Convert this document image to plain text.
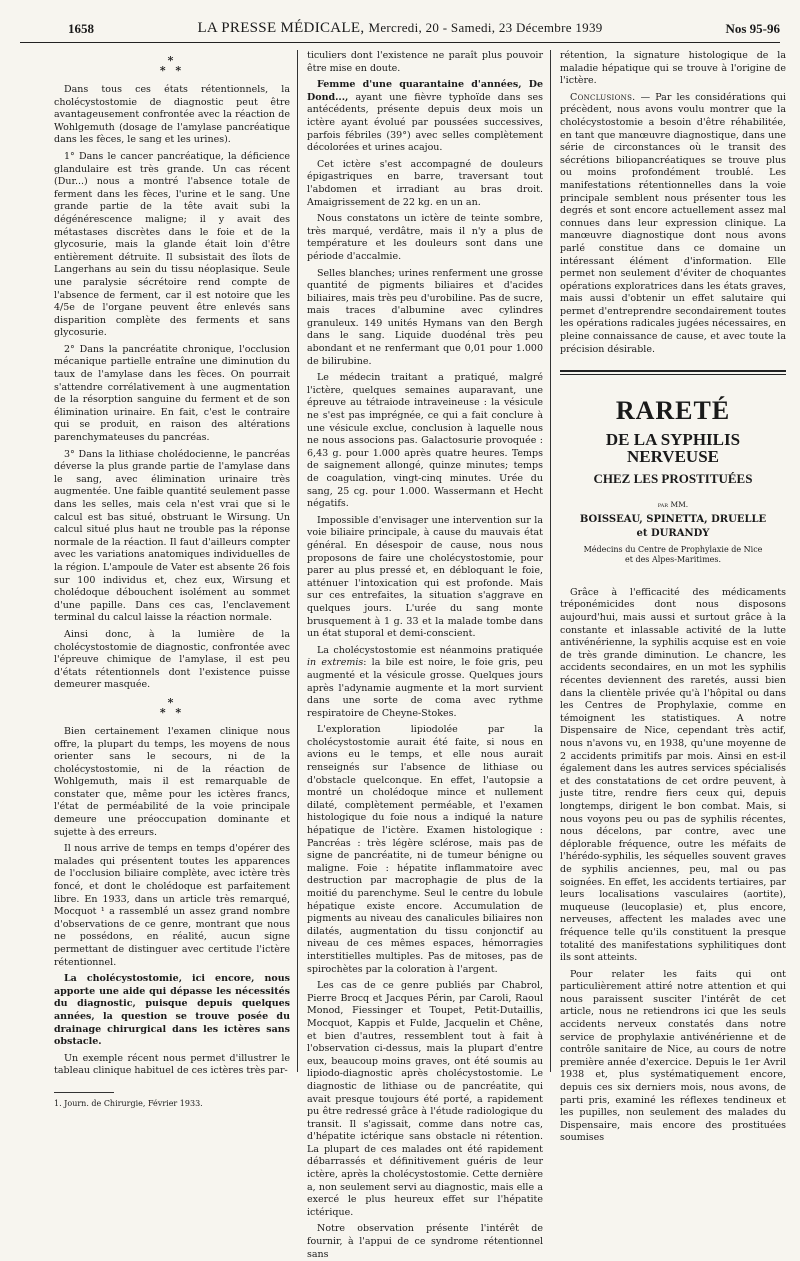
1658	LA PRESSE MÉDICALE, Mercredi, 20 - Samedi, 23 Décembre 1939	Nos 95-96
*
* *

Dans tous ces états rétentionnels, la cholécystostomie de diagnostic peut être avantageusement confrontée avec la réaction de Wohlgemuth (dosage de l'amylase pancréatique dans les fèces, le sang et les urines).

1° Dans le cancer pancréatique, la déficience glandulaire est très grande. Un cas récent (Dur...) nous a montré l'absence totale de ferment dans les fèces, l'urine et le sang. Une grande partie de la tête avait subi la dégénérescence maligne; il y avait des métastases discrètes dans le foie et de la glycosurie, mais la glande était loin d'être entièrement détruite. Il subsistait des îlots de Langerhans au sein du tissu néoplasique. Seule une paralysie sécrétoire rend compte de l'absence de ferment, car il est notoire que les 4/5e de l'organe peuvent être enlevés sans disparition complète des ferments et sans glycosurie.

2° Dans la pancréatite chronique, l'occlusion mécanique partielle entraîne une diminution du taux de l'amylase dans les fèces. On pourrait s'attendre corrélativement à une augmentation de la résorption sanguine du ferment et de son élimination urinaire. En fait, c'est le contraire qui se produit, en raison des altérations parenchymateuses du pancréas.

3° Dans la lithiase cholédocienne, le pancréas déverse la plus grande partie de l'amylase dans le sang, avec élimination urinaire très augmentée. Une faible quantité seulement passe dans les selles, mais cela n'est vrai que si le calcul est bas situé, obstruant le Wirsung. Un calcul situé plus haut ne trouble pas la réponse normale de la réaction. Il faut d'ailleurs compter avec les variations anatomiques individuelles de la région. L'ampoule de Vater est absente 26 fois sur 100 individus et, chez eux, Wirsung et cholédoque débouchent isolément au sommet d'une papille. Dans ces cas, l'enclavement terminal du calcul laisse la réaction normale.

Ainsi donc, à la lumière de la cholécystostomie de diagnostic, confrontée avec l'épreuve chimique de l'amylase, il est peu d'états rétentionnels dont l'existence puisse demeurer masquée.

*
* *

Bien certainement l'examen clinique nous offre, la plupart du temps, les moyens de nous orienter sans le secours, ni de la cholécystostomie, ni de la réaction de Wohlgemuth, mais il est remarquable de constater que, même pour les ictères francs, l'état de perméabilité de la voie principale demeure une préoccupation dominante et sujette à des erreurs.

Il nous arrive de temps en temps d'opérer des malades qui présentent toutes les apparences de l'occlusion biliaire complète, avec ictère très foncé, et dont le cholédoque est parfaitement libre. En 1933, dans un article très remarqué, Mocquot ¹ a rassemblé un assez grand nombre d'observations de ce genre, montrant que nous ne possédons, en réalité, aucun signe permettant de distinguer avec certitude l'ictère rétentionnel.

La cholécystostomie, ici encore, nous apporte une aide qui dépasse les nécessités du diagnostic, puisque depuis quelques années, la question se trouve posée du drainage chirurgical dans les ictères sans obstacle.

Un exemple récent nous permet d'illustrer le tableau clinique habituel de ces ictères très par-

1. Journ. de Chirurgie, Février 1933.

ticuliers dont l'existence ne paraît plus pouvoir être mise en doute.

Femme d'une quarantaine d'années, De Dond..., ayant une fièvre typhoïde dans ses antécédents, présente depuis deux mois un ictère ayant évolué par poussées successives, parfois fébriles (39°) avec selles complètement décolorées et urines acajou.

Cet ictère s'est accompagné de douleurs épigastriques en barre, traversant tout l'abdomen et irradiant au bras droit. Amaigrissement de 22 kg. en un an.

Nous constatons un ictère de teinte sombre, très marqué, verdâtre, mais il n'y a plus de température et les douleurs sont dans une période d'accalmie.

Selles blanches; urines renferment une grosse quantité de pigments biliaires et d'acides biliaires, mais très peu d'urobiline. Pas de sucre, mais traces d'albumine avec cylindres granuleux. 149 unités Hymans van den Bergh dans le sang. Liquide duodénal très peu abondant et ne renfermant que 0,01 pour 1.000 de bilirubine.

Le médecin traitant a pratiqué, malgré l'ictère, quelques semaines auparavant, une épreuve au tétraiode intraveineuse : la vésicule ne s'est pas imprégnée, ce qui a fait conclure à une vésicule exclue, conclusion à laquelle nous ne nous associons pas. Galactosurie provoquée : 6,43 g. pour 1.000 après quatre heures. Temps de saignement allongé, quinze minutes; temps de coagulation, vingt-cinq minutes. Urée du sang, 25 cg. pour 1.000. Wassermann et Hecht négatifs.

Impossible d'envisager une intervention sur la voie biliaire principale, à cause du mauvais état général. En désespoir de cause, nous nous proposons de faire une cholécystostomie, pour parer au plus pressé et, en débloquant le foie, atténuer l'intoxication qui est profonde. Mais sur ces entrefaites, la situation s'aggrave en quelques jours. L'urée du sang monte brusquement à 1 g. 33 et la malade tombe dans un état stuporal et demi-conscient.

La cholécystostomie est néanmoins pratiquée in extremis: la bile est noire, le foie gris, peu augmenté et la vésicule grosse. Quelques jours après l'adynamie augmente et la mort survient dans une sorte de coma avec rythme respiratoire de Cheyne-Stokes.

L'exploration lipiodolée par la cholécystostomie aurait été faite, si nous en avions eu le temps, et elle nous aurait renseignés sur l'absence de lithiase ou d'obstacle quelconque. En effet, l'autopsie a montré un cholédoque mince et nullement dilaté, complètement perméable, et l'examen histologique du foie nous a indiqué la nature hépatique de l'ictère. Examen histologique : Pancréas : très légère sclérose, mais pas de signe de pancréatite, ni de tumeur bénigne ou maligne. Foie : hépatite inflammatoire avec destruction par macrophagie de plus de la moitié du parenchyme. Seul le centre du lobule hépatique existe encore. Accumulation de pigments au niveau des canalicules biliaires non dilatés, augmentation du tissu conjonctif au niveau de ces mêmes espaces, hémorragies interstitielles multiples. Pas de mitoses, pas de spirochètes par la coloration à l'argent.

Les cas de ce genre publiés par Chabrol, Pierre Brocq et Jacques Périn, par Caroli, Raoul Monod, Fiessinger et Toupet, Petit-Dutaillis, Mocquot, Kappis et Fulde, Jacquelin et Chêne, et bien d'autres, ressemblent tout à fait à l'observation ci-dessus, mais la plupart d'entre eux, beaucoup moins graves, ont été soumis au lipiodo-diagnostic après cholécystostomie. Le diagnostic de lithiase ou de pancréatite, qui avait presque toujours été porté, a rapidement pu être redressé grâce à l'étude radiologique du transit. Il s'agissait, comme dans notre cas, d'hépatite ictérique sans obstacle ni rétention. La plupart de ces malades ont été rapidement débarrassés et définitivement guéris de leur ictère, après la cholécystostomie. Cette dernière a, non seulement servi au diagnostic, mais elle a exercé le plus heureux effet sur l'hépatite ictérique.

Notre observation présente l'intérêt de fournir, à l'appui de ce syndrome rétentionnel sans

rétention, la signature histologique de la maladie hépatique qui se trouve à l'origine de l'ictère.

Conclusions. — Par les considérations qui précèdent, nous avons voulu montrer que la cholécystostomie a besoin d'être réhabilitée, en tant que manœuvre diagnostique, dans une série de circonstances où le transit des sécrétions biliopancréatiques se trouve plus ou moins profondément troublé. Les manifestations rétentionnelles dans la voie principale semblent nous présenter tous les degrés et sont encore actuellement assez mal connues dans leur expression clinique. La manœuvre diagnostique dont nous avons parlé constitue dans ce domaine un intéressant élément d'information. Elle permet non seulement d'éviter de choquantes opérations exploratrices dans les états graves, mais aussi d'obtenir un effet salutaire qui permet d'entreprendre secondairement toutes les opérations radicales jugées nécessaires, en pleine connaissance de cause, et avec toute la précision désirable.

RARETÉ
DE LA SYPHILIS NERVEUSE
CHEZ LES PROSTITUÉES
par MM.
BOISSEAU, SPINETTA, DRUELLE
et DURANDY
Médecins du Centre de Prophylaxie de Nice
et des Alpes-Maritimes.

Grâce à l'efficacité des médicaments tréponémicides dont nous disposons aujourd'hui, mais aussi et surtout grâce à la constante et inlassable activité de la lutte antivénérienne, la syphilis acquise est en voie de très grande diminution. Le chancre, les accidents secondaires, en un mot les syphilis récentes deviennent des raretés, aussi bien dans la clientèle privée qu'à l'hôpital ou dans les Centres de Prophylaxie, comme en témoignent les statistiques. A notre Dispensaire de Nice, cependant très actif, nous n'avons vu, en 1938, qu'une moyenne de 2 accidents primitifs par mois. Ainsi en est-il également dans les autres services spécialisés et des constatations de cet ordre peuvent, à juste titre, rendre fiers ceux qui, depuis longtemps, dirigent le bon combat. Mais, si nous voyons peu ou pas de syphilis récentes, nous décelons, par contre, avec une déplorable fréquence, outre les méfaits de l'hérédo-syphilis, les séquelles souvent graves de syphilis anciennes, peu, mal ou pas soignées. En effet, les accidents tertiaires, par leurs localisations vasculaires (aortite), muqueuse (leucoplasie) et, plus encore, nerveuses, affectent les malades avec une fréquence telle qu'ils constituent la presque totalité des manifestations syphilitiques dont ils sont atteints.

Pour relater les faits qui ont particulièrement attiré notre attention et qui nous paraissent susciter l'intérêt de cet article, nous ne retiendrons ici que les seuls accidents nerveux constatés dans notre service de prophylaxie antivénérienne et de contrôle sanitaire de Nice, au cours de notre première année d'exercice. Depuis le 1er Avril 1938 et, plus systématiquement encore, depuis ces six derniers mois, nous avons, de parti pris, examiné les réflexes tendineux et les pupilles, non seulement des malades du Dispensaire, mais encore des prostituées soumises
